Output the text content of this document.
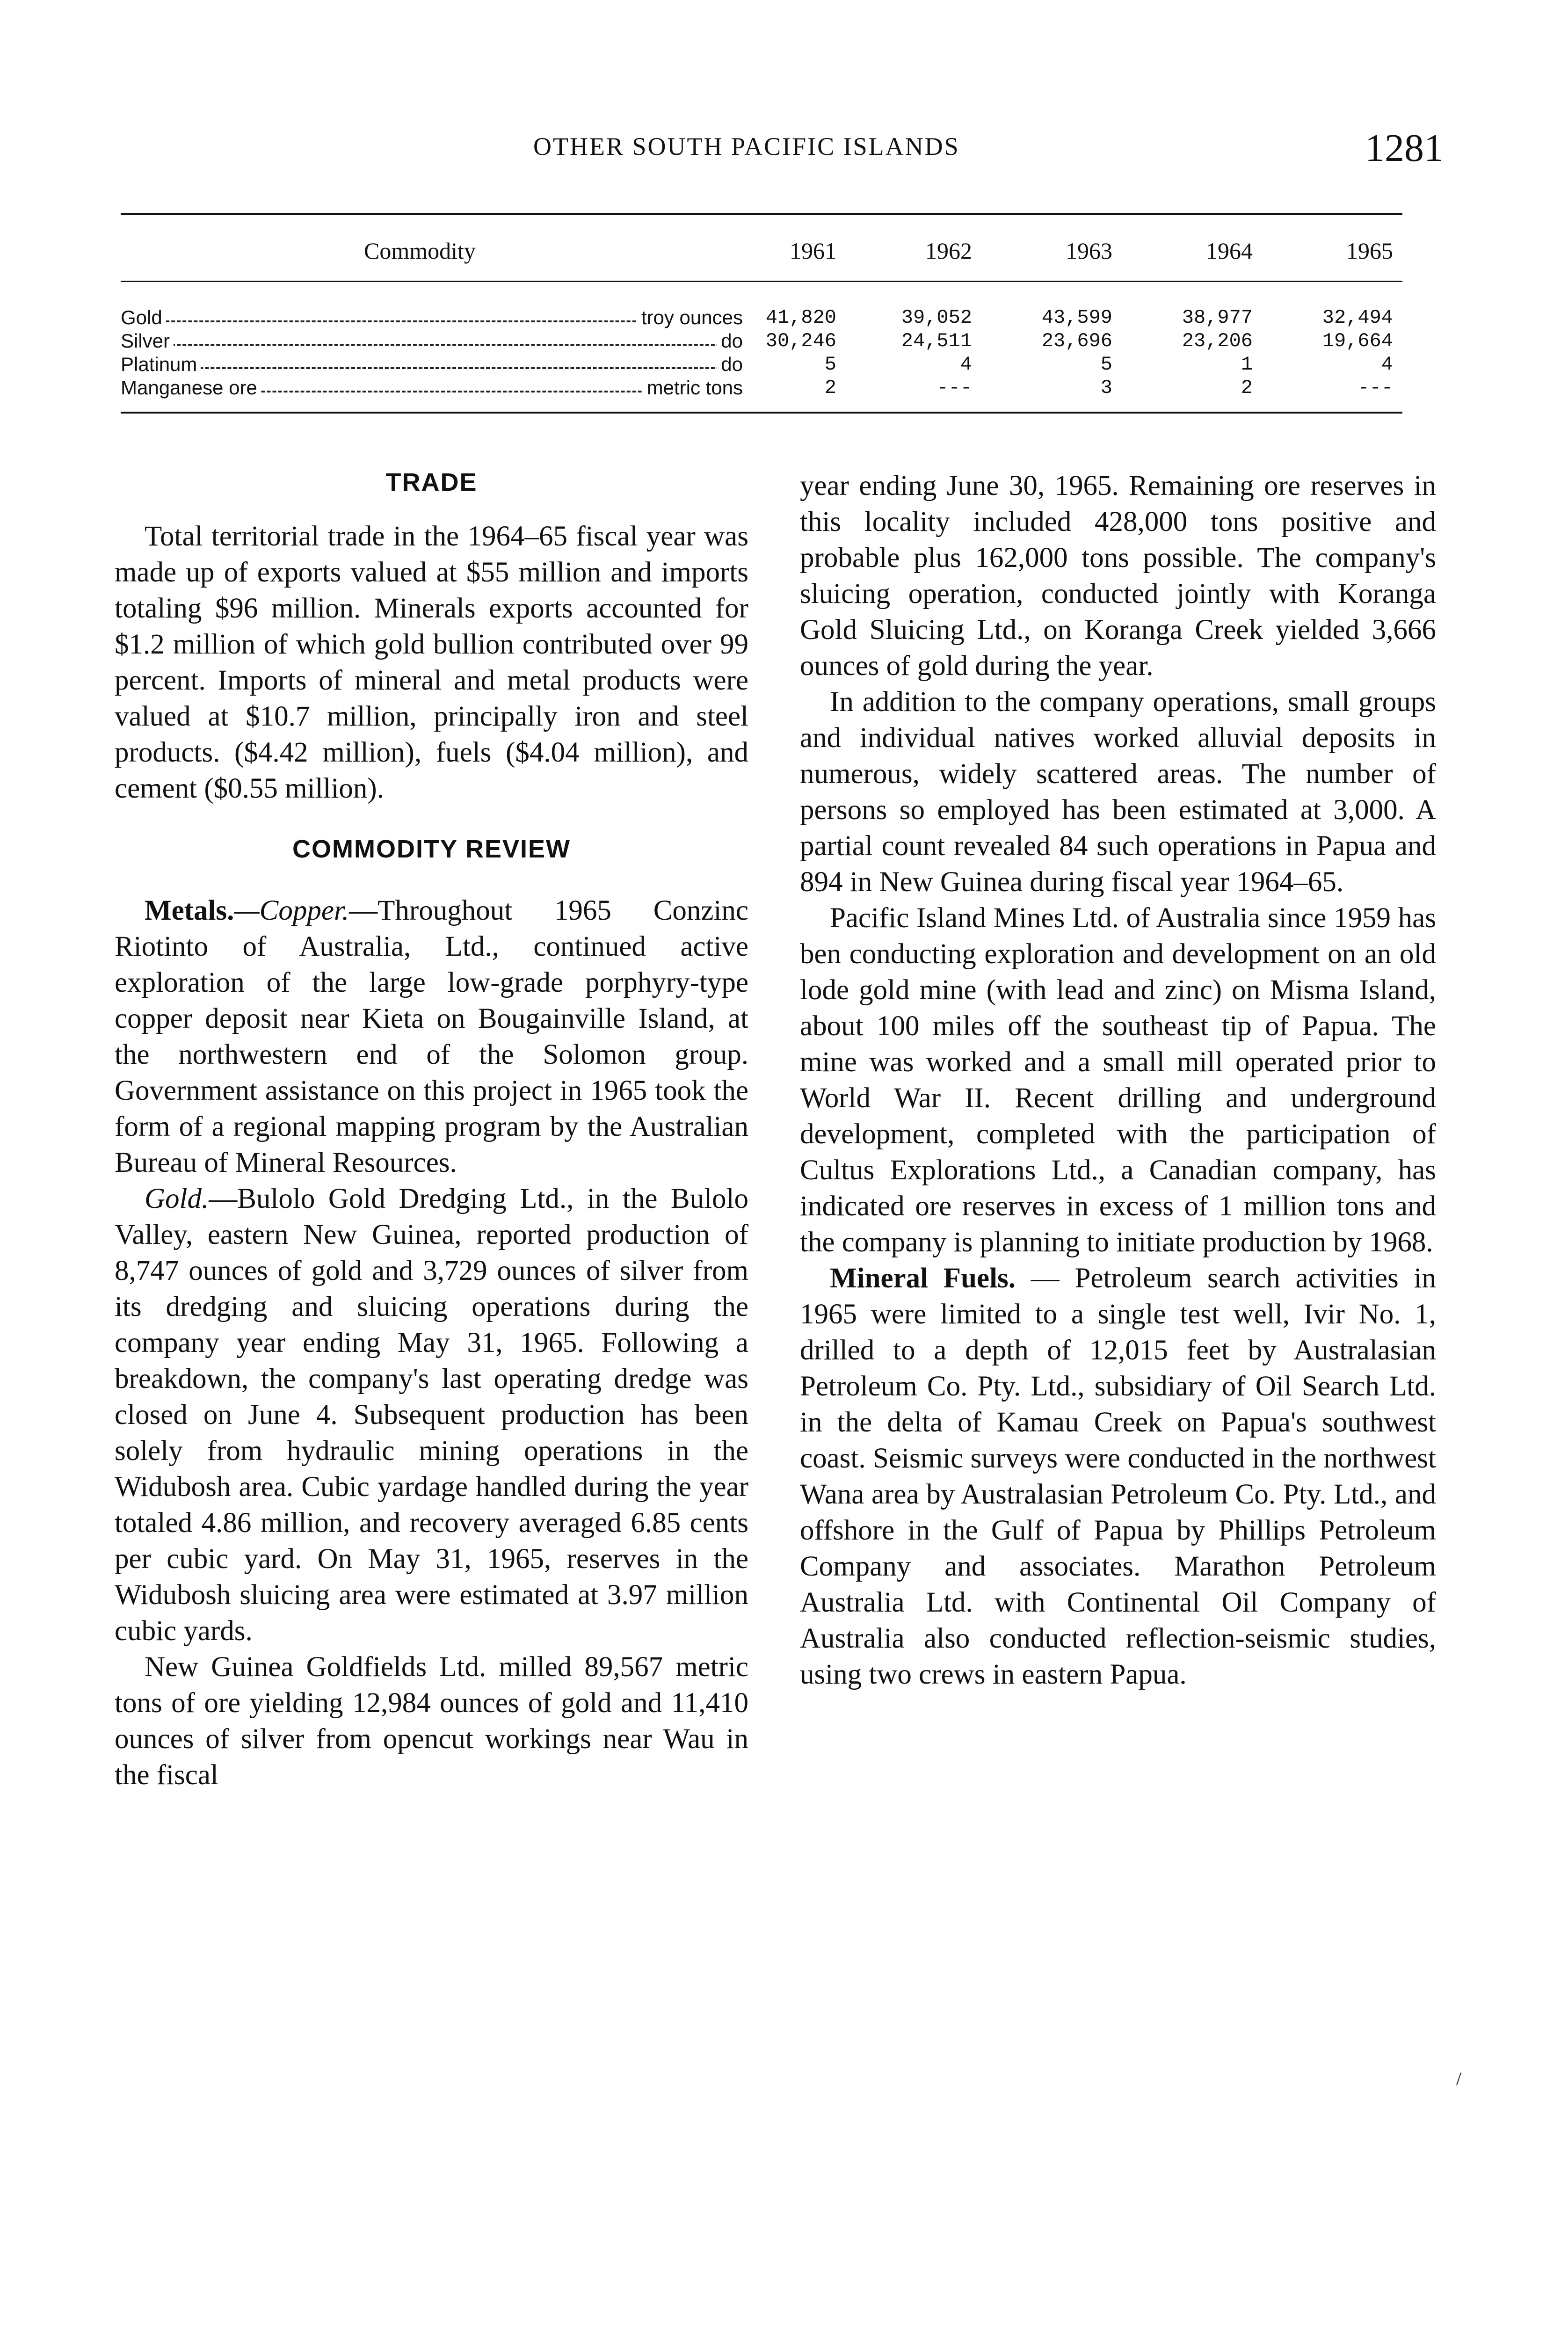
OTHER SOUTH PACIFIC ISLANDS	1281
Commodity	1961	1962	1963	1964	1965
Gold	troy ounces	41,820	39,052	43,599	38,977	32,494
Silver	do	30,246	24,511	23,696	23,206	19,664
Platinum	do	5	4	5	1	4
Manganese ore	metric tons	2	---	3	2	---
TRADE

Total territorial trade in the 1964–65 fiscal year was made up of exports valued at $55 million and imports totaling $96 million. Minerals exports accounted for $1.2 million of which gold bullion contributed over 99 percent. Imports of mineral and metal products were valued at $10.7 million, principally iron and steel products. ($4.42 million), fuels ($4.04 million), and cement ($0.55 million).

COMMODITY REVIEW

Metals.—Copper.—Throughout 1965 Conzinc Riotinto of Australia, Ltd., continued active exploration of the large low-grade porphyry-type copper deposit near Kieta on Bougainville Island, at the northwestern end of the Solomon group. Government assistance on this project in 1965 took the form of a regional mapping program by the Australian Bureau of Mineral Resources.

Gold.—Bulolo Gold Dredging Ltd., in the Bulolo Valley, eastern New Guinea, reported production of 8,747 ounces of gold and 3,729 ounces of silver from its dredging and sluicing operations during the company year ending May 31, 1965. Following a breakdown, the company's last operating dredge was closed on June 4. Subsequent production has been solely from hydraulic mining operations in the Widubosh area. Cubic yardage handled during the year totaled 4.86 million, and recovery averaged 6.85 cents per cubic yard. On May 31, 1965, reserves in the Widubosh sluicing area were estimated at 3.97 million cubic yards.

New Guinea Goldfields Ltd. milled 89,567 metric tons of ore yielding 12,984 ounces of gold and 11,410 ounces of silver from opencut workings near Wau in the fiscal

year ending June 30, 1965. Remaining ore reserves in this locality included 428,000 tons positive and probable plus 162,000 tons possible. The company's sluicing operation, conducted jointly with Koranga Gold Sluicing Ltd., on Koranga Creek yielded 3,666 ounces of gold during the year.

In addition to the company operations, small groups and individual natives worked alluvial deposits in numerous, widely scattered areas. The number of persons so employed has been estimated at 3,000. A partial count revealed 84 such operations in Papua and 894 in New Guinea during fiscal year 1964–65.

Pacific Island Mines Ltd. of Australia since 1959 has ben conducting exploration and development on an old lode gold mine (with lead and zinc) on Misma Island, about 100 miles off the southeast tip of Papua. The mine was worked and a small mill operated prior to World War II. Recent drilling and underground development, completed with the participation of Cultus Explorations Ltd., a Canadian company, has indicated ore reserves in excess of 1 million tons and the company is planning to initiate production by 1968.

Mineral Fuels. — Petroleum search activities in 1965 were limited to a single test well, Ivir No. 1, drilled to a depth of 12,015 feet by Australasian Petroleum Co. Pty. Ltd., subsidiary of Oil Search Ltd. in the delta of Kamau Creek on Papua's southwest coast. Seismic surveys were conducted in the northwest Wana area by Australasian Petroleum Co. Pty. Ltd., and offshore in the Gulf of Papua by Phillips Petroleum Company and associates. Marathon Petroleum Australia Ltd. with Continental Oil Company of Australia also conducted reflection-seismic studies, using two crews in eastern Papua.

/
